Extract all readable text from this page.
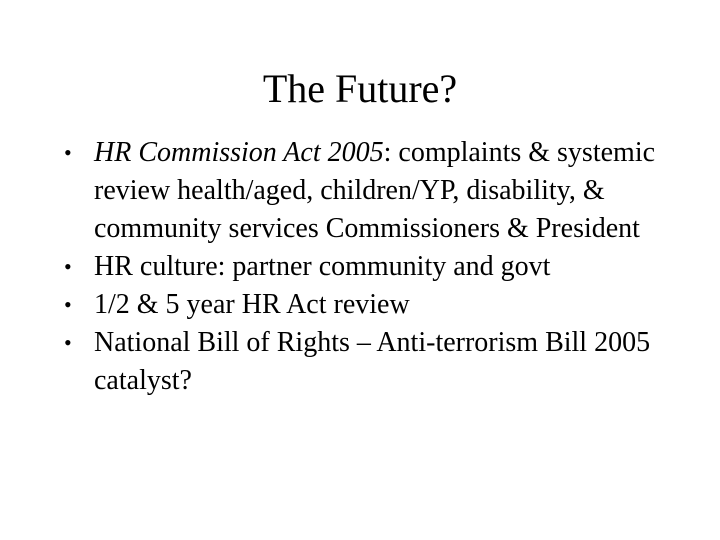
The Future?
• HR Commission Act 2005: complaints & systemic review health/aged, children/YP, disability, & community services Commissioners & President
• HR culture: partner community and govt
• 1/2 & 5 year HR Act review
• National Bill of Rights – Anti-terrorism Bill 2005 catalyst?
